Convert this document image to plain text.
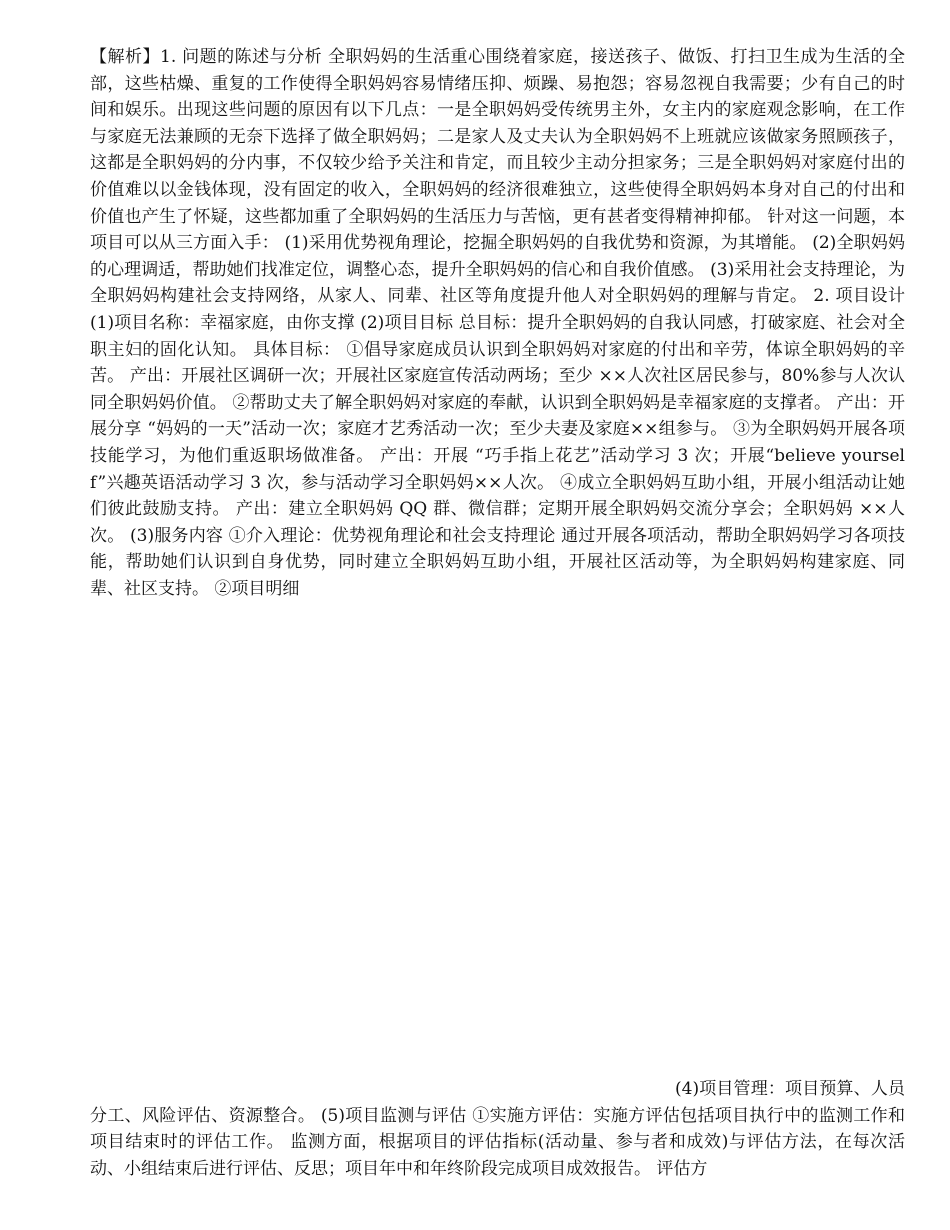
【解析】1. 问题的陈述与分析 全职妈妈的生活重心围绕着家庭，接送孩子、做饭、打扫卫生成为生活的全部，这些枯燥、重复的工作使得全职妈妈容易情绪压抑、烦躁、易抱怨；容易忽视自我需要；少有自己的时间和娱乐。出现这些问题的原因有以下几点：一是全职妈妈受传统男主外，女主内的家庭观念影响，在工作与家庭无法兼顾的无奈下选择了做全职妈妈；二是家人及丈夫认为全职妈妈不上班就应该做家务照顾孩子，这都是全职妈妈的分内事，不仅较少给予关注和肯定，而且较少主动分担家务；三是全职妈妈对家庭付出的价值难以以金钱体现，没有固定的收入，全职妈妈的经济很难独立，这些使得全职妈妈本身对自己的付出和价值也产生了怀疑，这些都加重了全职妈妈的生活压力与苦恼，更有甚者变得精神抑郁。 针对这一问题，本项目可以从三方面入手： (1)采用优势视角理论，挖掘全职妈妈的自我优势和资源，为其增能。 (2)全职妈妈的心理调适，帮助她们找准定位，调整心态，提升全职妈妈的信心和自我价值感。 (3)采用社会支持理论，为全职妈妈构建社会支持网络，从家人、同辈、社区等角度提升他人对全职妈妈的理解与肯定。 2. 项目设计 (1)项目名称：幸福家庭，由你支撑 (2)项目目标 总目标：提升全职妈妈的自我认同感，打破家庭、社会对全职主妇的固化认知。 具体目标： ①倡导家庭成员认识到全职妈妈对家庭的付出和辛劳，体谅全职妈妈的辛苦。 产出：开展社区调研一次；开展社区家庭宣传活动两场；至少 ××人次社区居民参与，80%参与人次认同全职妈妈价值。 ②帮助丈夫了解全职妈妈对家庭的奉献，认识到全职妈妈是幸福家庭的支撑者。 产出：开展分享 “妈妈的一天”活动一次；家庭才艺秀活动一次；至少夫妻及家庭××组参与。 ③为全职妈妈开展各项技能学习，为他们重返职场做准备。 产出：开展 “巧手指上花艺”活动学习 3 次；开展“believe yourself”兴趣英语活动学习 3 次，参与活动学习全职妈妈××人次。 ④成立全职妈妈互助小组，开展小组活动让她们彼此鼓励支持。 产出：建立全职妈妈 QQ 群、微信群；定期开展全职妈妈交流分享会；全职妈妈 ××人次。 (3)服务内容 ①介入理论：优势视角理论和社会支持理论 通过开展各项活动，帮助全职妈妈学习各项技能，帮助她们认识到自身优势，同时建立全职妈妈互助小组，开展社区活动等，为全职妈妈构建家庭、同辈、社区支持。 ②项目明细
(4)项目管理：项目预算、人员分工、风险评估、资源整合。 (5)项目监测与评估 ①实施方评估：实施方评估包括项目执行中的监测工作和项目结束时的评估工作。 监测方面，根据项目的评估指标(活动量、参与者和成效)与评估方法，在每次活动、小组结束后进行评估、反思；项目年中和年终阶段完成项目成效报告。 评估方
